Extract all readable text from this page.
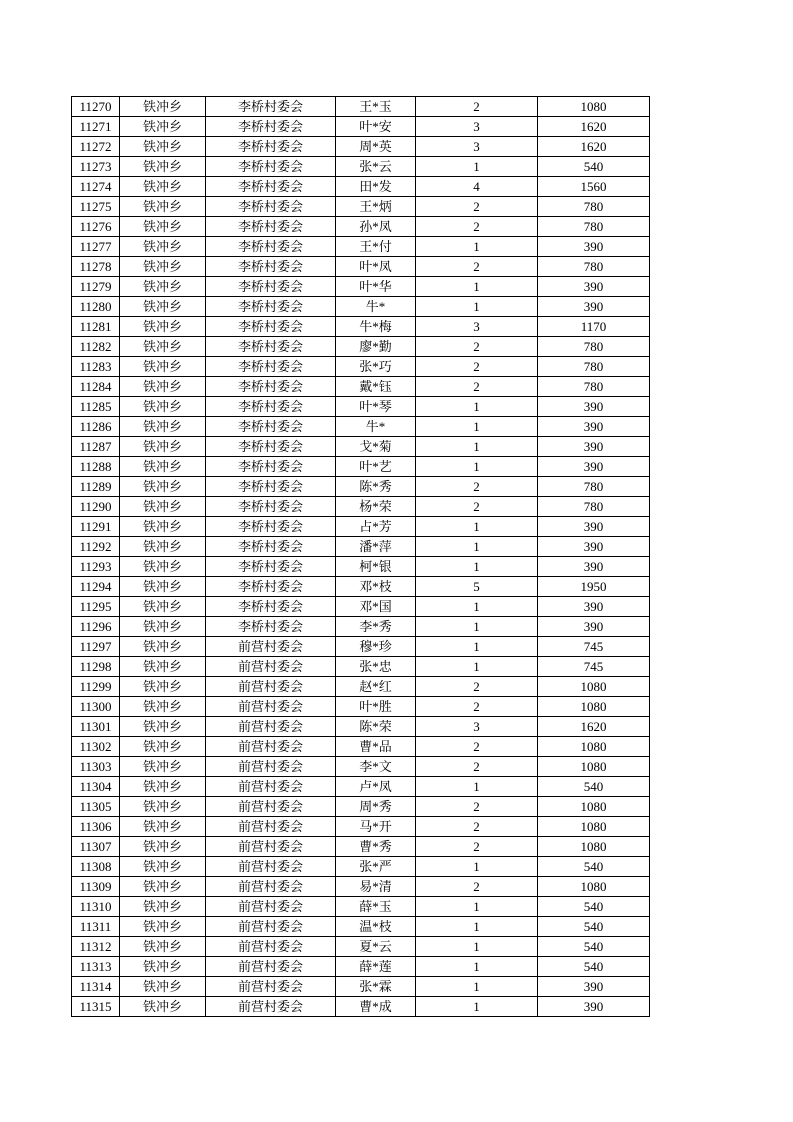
11270	铁冲乡	李桥村委会	王*玉	2	1080
11271	铁冲乡	李桥村委会	叶*安	3	1620
11272	铁冲乡	李桥村委会	周*英	3	1620
11273	铁冲乡	李桥村委会	张*云	1	540
11274	铁冲乡	李桥村委会	田*发	4	1560
11275	铁冲乡	李桥村委会	王*炳	2	780
11276	铁冲乡	李桥村委会	孙*凤	2	780
11277	铁冲乡	李桥村委会	王*付	1	390
11278	铁冲乡	李桥村委会	叶*凤	2	780
11279	铁冲乡	李桥村委会	叶*华	1	390
11280	铁冲乡	李桥村委会	牛*	1	390
11281	铁冲乡	李桥村委会	牛*梅	3	1170
11282	铁冲乡	李桥村委会	廖*勤	2	780
11283	铁冲乡	李桥村委会	张*巧	2	780
11284	铁冲乡	李桥村委会	戴*钰	2	780
11285	铁冲乡	李桥村委会	叶*琴	1	390
11286	铁冲乡	李桥村委会	牛*	1	390
11287	铁冲乡	李桥村委会	戈*菊	1	390
11288	铁冲乡	李桥村委会	叶*艺	1	390
11289	铁冲乡	李桥村委会	陈*秀	2	780
11290	铁冲乡	李桥村委会	杨*荣	2	780
11291	铁冲乡	李桥村委会	占*芳	1	390
11292	铁冲乡	李桥村委会	潘*萍	1	390
11293	铁冲乡	李桥村委会	柯*银	1	390
11294	铁冲乡	李桥村委会	邓*枝	5	1950
11295	铁冲乡	李桥村委会	邓*国	1	390
11296	铁冲乡	李桥村委会	李*秀	1	390
11297	铁冲乡	前营村委会	穆*珍	1	745
11298	铁冲乡	前营村委会	张*忠	1	745
11299	铁冲乡	前营村委会	赵*红	2	1080
11300	铁冲乡	前营村委会	叶*胜	2	1080
11301	铁冲乡	前营村委会	陈*荣	3	1620
11302	铁冲乡	前营村委会	曹*品	2	1080
11303	铁冲乡	前营村委会	李*文	2	1080
11304	铁冲乡	前营村委会	卢*凤	1	540
11305	铁冲乡	前营村委会	周*秀	2	1080
11306	铁冲乡	前营村委会	马*开	2	1080
11307	铁冲乡	前营村委会	曹*秀	2	1080
11308	铁冲乡	前营村委会	张*严	1	540
11309	铁冲乡	前营村委会	易*清	2	1080
11310	铁冲乡	前营村委会	薛*玉	1	540
11311	铁冲乡	前营村委会	温*枝	1	540
11312	铁冲乡	前营村委会	夏*云	1	540
11313	铁冲乡	前营村委会	薛*莲	1	540
11314	铁冲乡	前营村委会	张*霖	1	390
11315	铁冲乡	前营村委会	曹*成	1	390
